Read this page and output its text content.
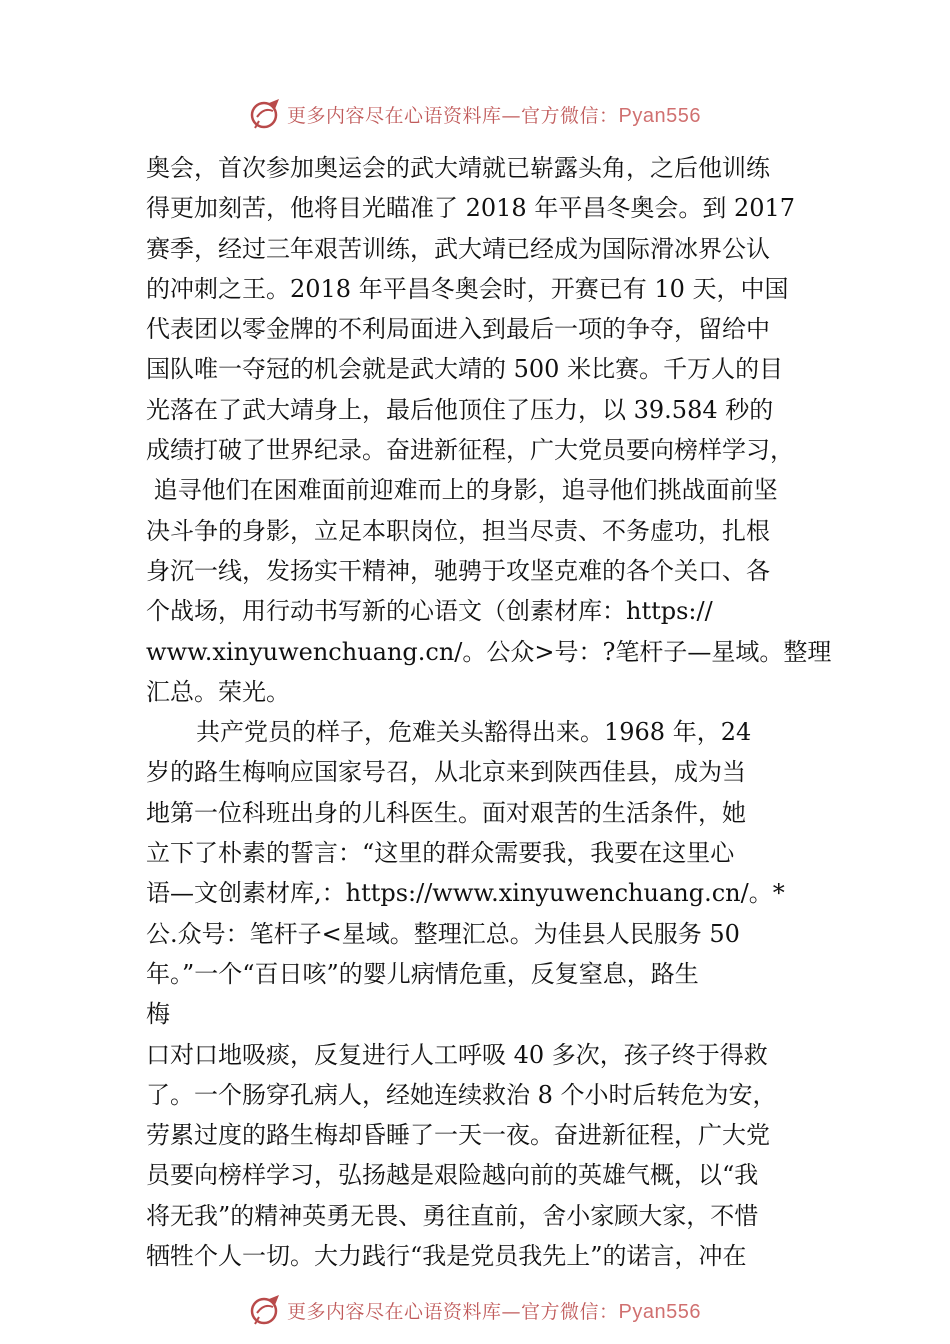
更多内容尽在心语资料库—官方微信：Pyan556
奥会，首次参加奥运会的武大靖就已崭露头角，之后他训练
得更加刻苦，他将目光瞄准了 2018 年平昌冬奥会。到 2017
赛季，经过三年艰苦训练，武大靖已经成为国际滑冰界公认
的冲刺之王。2018 年平昌冬奥会时，开赛已有 10 天，中国
代表团以零金牌的不利局面进入到最后一项的争夺，留给中
国队唯一夺冠的机会就是武大靖的 500 米比赛。千万人的目
光落在了武大靖身上，最后他顶住了压力，以 39.584 秒的
成绩打破了世界纪录。奋进新征程，广大党员要向榜样学习，
追寻他们在困难面前迎难而上的身影，追寻他们挑战面前坚
决斗争的身影，立足本职岗位，担当尽责、不务虚功，扎根
身沉一线，发扬实干精神，驰骋于攻坚克难的各个关口、各
个战场，用行动书写新的心语文（创素材库：https://
www.xinyuwenchuang.cn/。公众>号：?笔杆子—星域。整理
汇总。荣光。
共产党员的样子，危难关头豁得出来。1968 年，24
岁的路生梅响应国家号召，从北京来到陕西佳县，成为当
地第一位科班出身的儿科医生。面对艰苦的生活条件，她
立下了朴素的誓言：“这里的群众需要我，我要在这里心
语—文创素材库,：https://www.xinyuwenchuang.cn/。*
公.众号：笔杆子<星域。整理汇总。为佳县人民服务 50
年。”一个“百日咳”的婴儿病情危重，反复窒息，路生
梅
口对口地吸痰，反复进行人工呼吸 40 多次，孩子终于得救
了。一个肠穿孔病人，经她连续救治 8 个小时后转危为安，
劳累过度的路生梅却昏睡了一天一夜。奋进新征程，广大党
员要向榜样学习，弘扬越是艰险越向前的英雄气概，以“我
将无我”的精神英勇无畏、勇往直前，舍小家顾大家，不惜
牺牲个人一切。大力践行“我是党员我先上”的诺言，冲在
更多内容尽在心语资料库—官方微信：Pyan556
